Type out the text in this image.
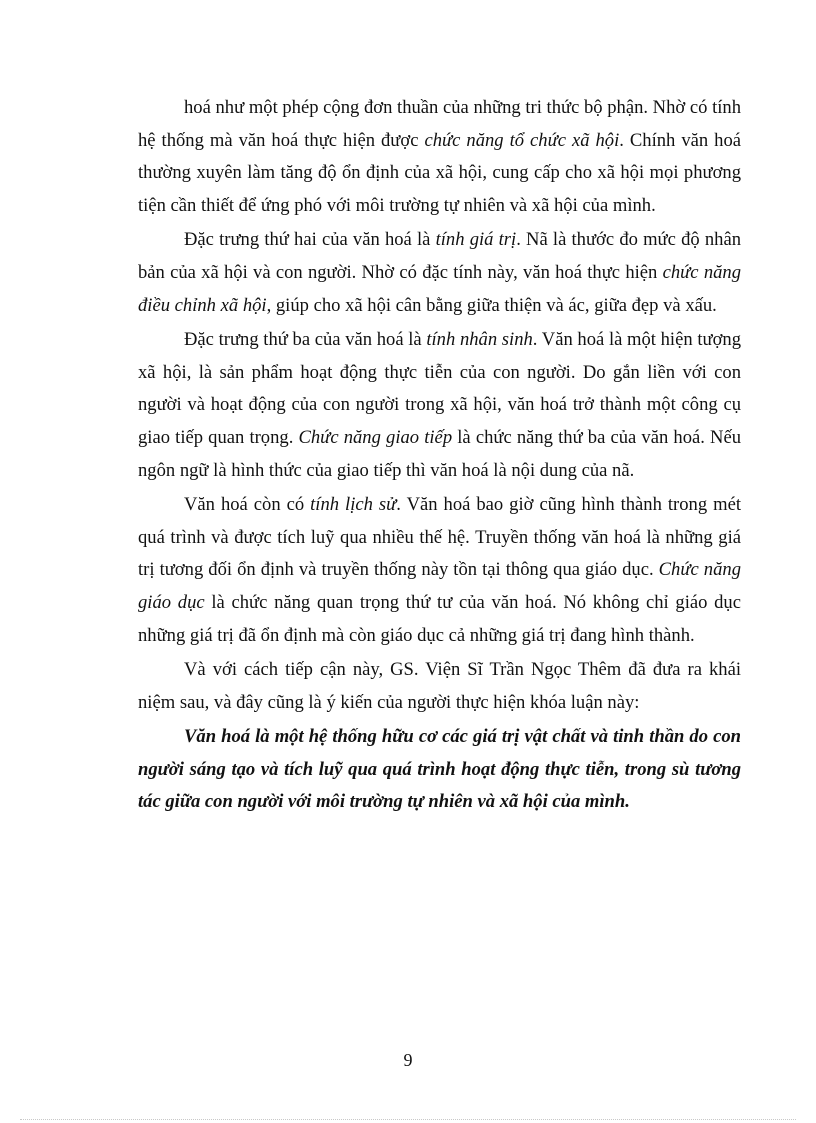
hoá như một phép cộng đơn thuần của những tri thức bộ phận. Nhờ có tính hệ thống mà văn hoá thực hiện được chức năng tổ chức xã hội. Chính văn hoá thường xuyên làm tăng độ ổn định của xã hội, cung cấp cho xã hội mọi phương tiện cần thiết để ứng phó với môi trường tự nhiên và xã hội của mình.

Đặc trưng thứ hai của văn hoá là tính giá trị. Nã là thước đo mức độ nhân bản của xã hội và con người. Nhờ có đặc tính này, văn hoá thực hiện chức năng điều chỉnh xã hội, giúp cho xã hội cân bằng giữa thiện và ác, giữa đẹp và xấu.

Đặc trưng thứ ba của văn hoá là tính nhân sinh. Văn hoá là một hiện tượng xã hội, là sản phẩm hoạt động thực tiễn của con người. Do gắn liền với con người và hoạt động của con người trong xã hội, văn hoá trở thành một công cụ giao tiếp quan trọng. Chức năng giao tiếp là chức năng thứ ba của văn hoá. Nếu ngôn ngữ là hình thức của giao tiếp thì văn hoá là nội dung của nã.

Văn hoá còn có tính lịch sử. Văn hoá bao giờ cũng hình thành trong mét quá trình và được tích luỹ qua nhiều thế hệ. Truyền thống văn hoá là những giá trị tương đối ổn định và truyền thống này tồn tại thông qua giáo dục. Chức năng giáo dục là chức năng quan trọng thứ tư của văn hoá. Nó không chỉ giáo dục những giá trị đã ổn định mà còn giáo dục cả những giá trị đang hình thành.

Và với cách tiếp cận này, GS. Viện Sĩ Trần Ngọc Thêm đã đưa ra khái niệm sau, và đây cũng là ý kiến của người thực hiện khóa luận này:

Văn hoá là một hệ thống hữu cơ các giá trị vật chất và tinh thần do con người sáng tạo và tích luỹ qua quá trình hoạt động thực tiễn, trong sù tương tác giữa con người với môi trường tự nhiên và xã hội của mình.

9
